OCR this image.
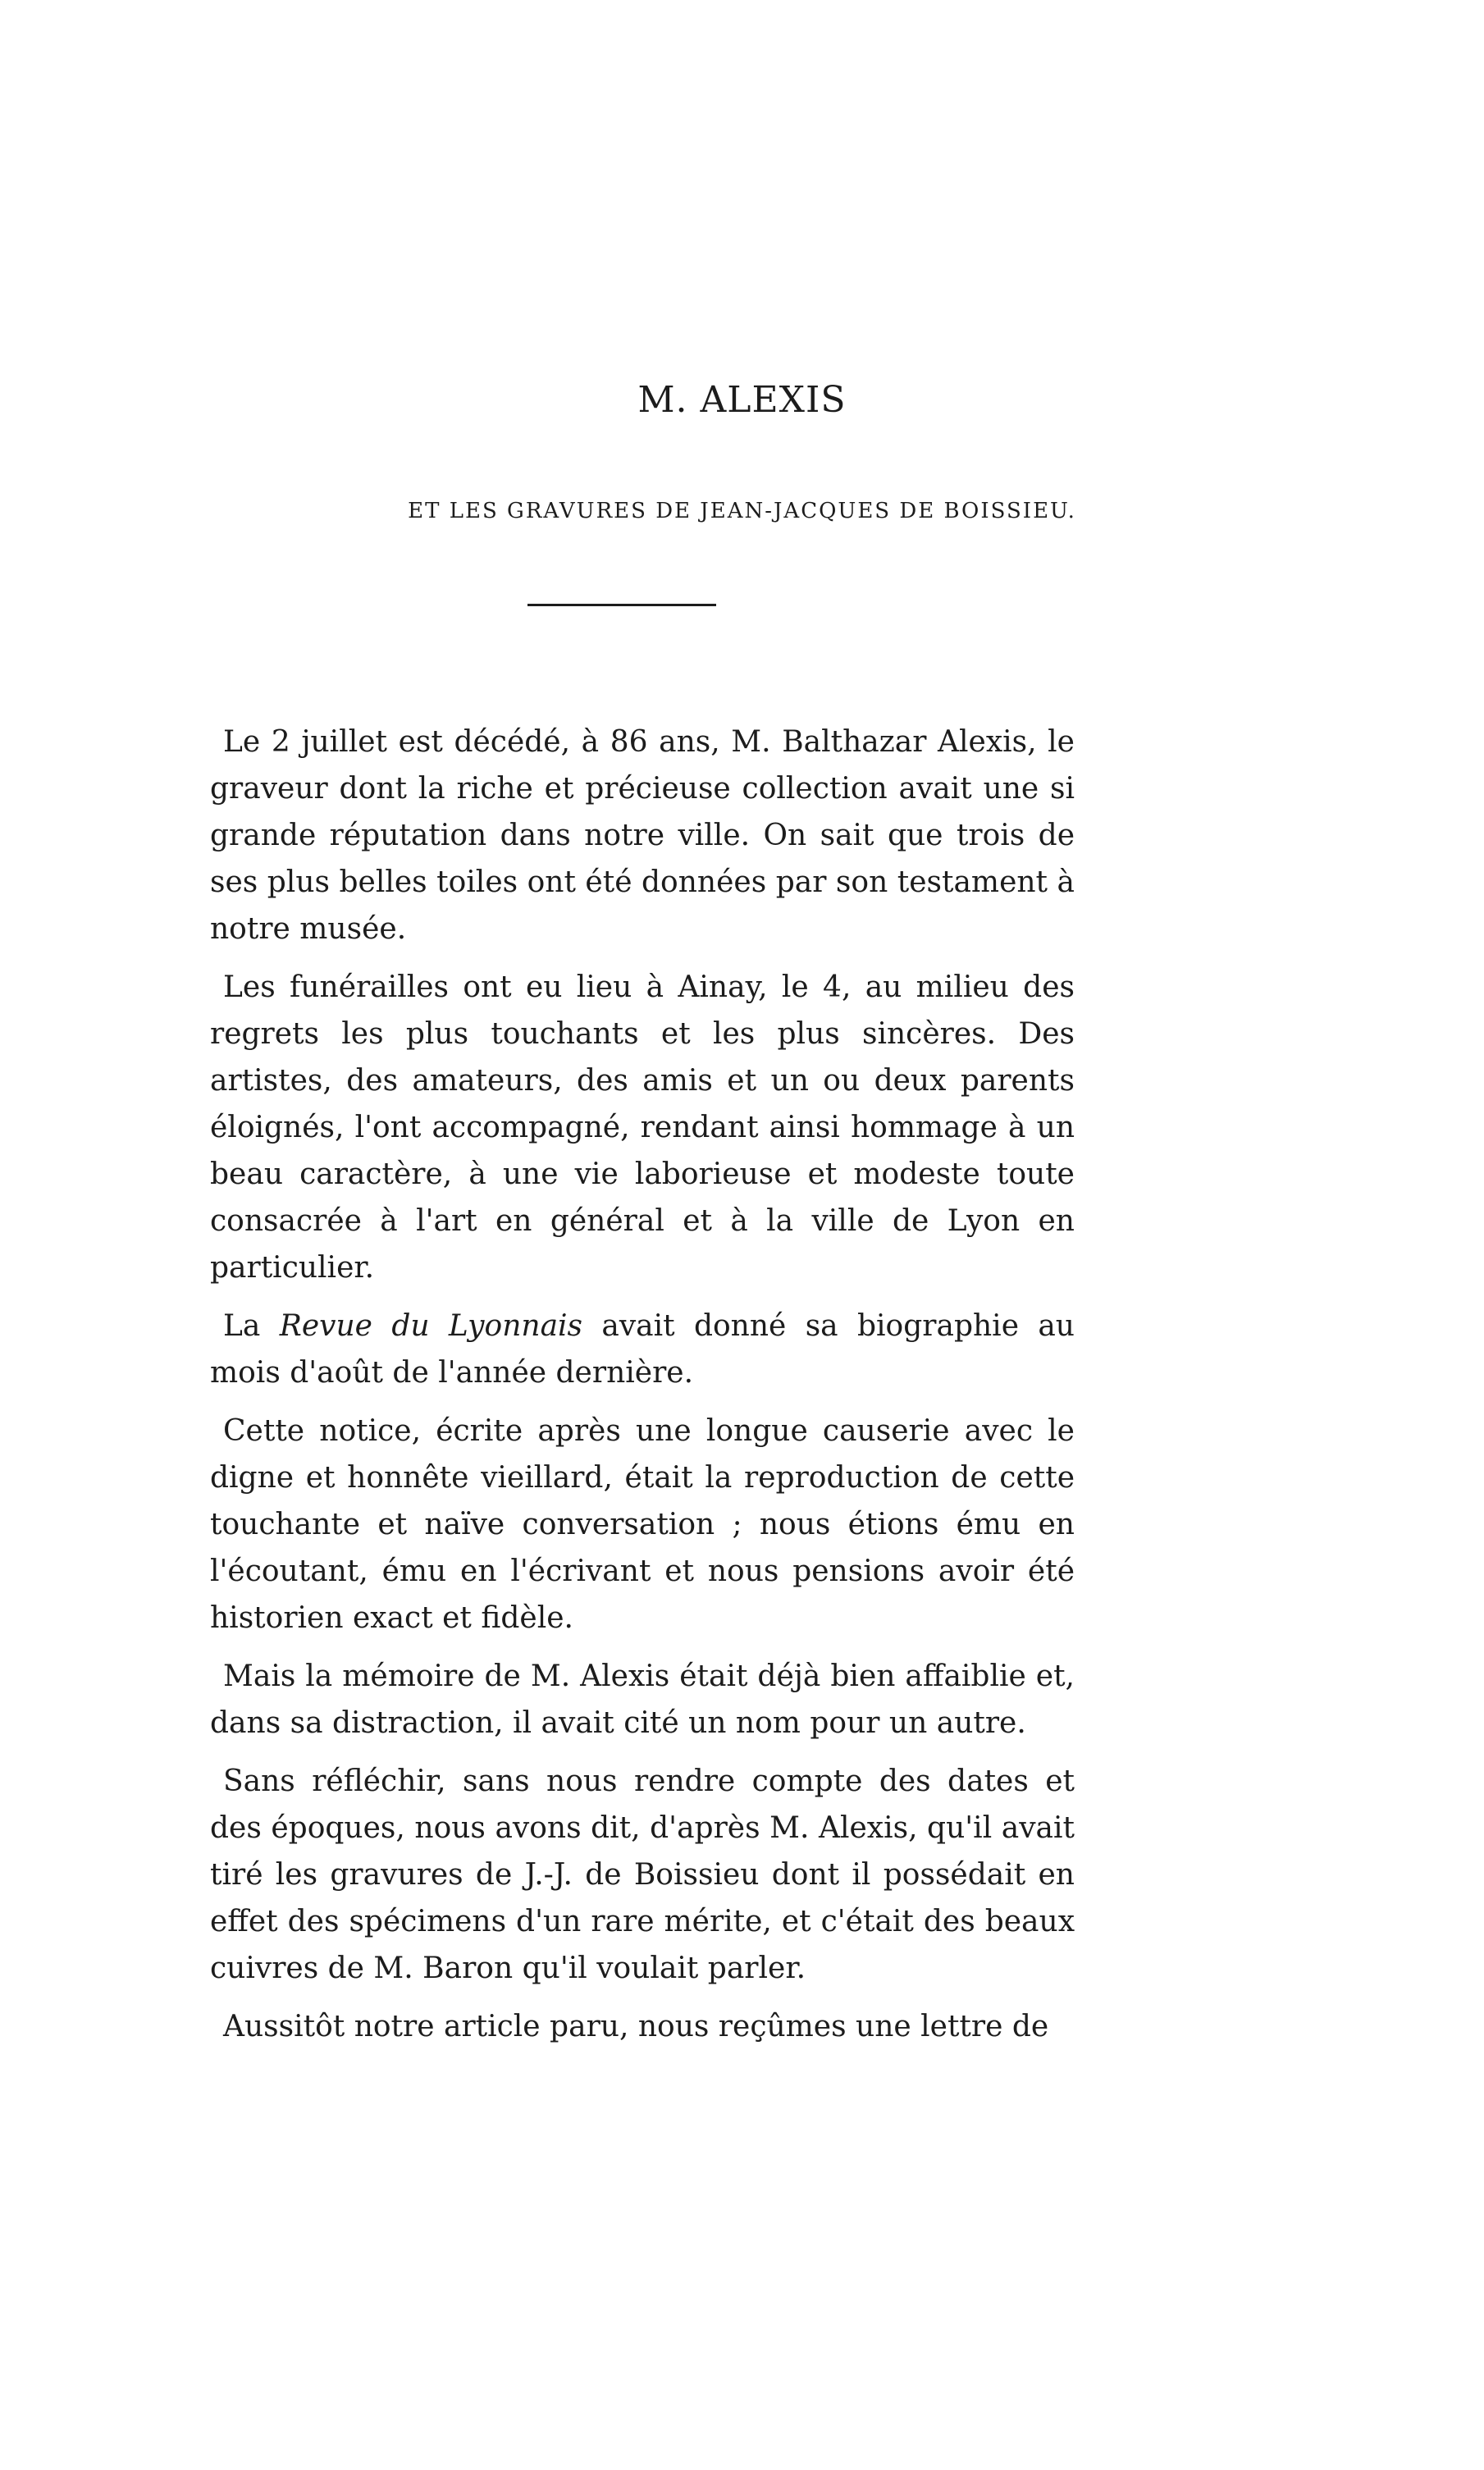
M. ALEXIS
ET LES GRAVURES DE JEAN-JACQUES DE BOISSIEU.

Le 2 juillet est décédé, à 86 ans, M. Balthazar Alexis, le graveur dont la riche et précieuse collection avait une si grande réputation dans notre ville. On sait que trois de ses plus belles toiles ont été données par son testament à notre musée.

Les funérailles ont eu lieu à Ainay, le 4, au milieu des regrets les plus touchants et les plus sincères. Des artistes, des amateurs, des amis et un ou deux parents éloignés, l'ont accompagné, rendant ainsi hommage à un beau caractère, à une vie laborieuse et modeste toute consacrée à l'art en général et à la ville de Lyon en particulier.

La Revue du Lyonnais avait donné sa biographie au mois d'août de l'année dernière.

Cette notice, écrite après une longue causerie avec le digne et honnête vieillard, était la reproduction de cette touchante et naïve conversation ; nous étions ému en l'écoutant, ému en l'écrivant et nous pensions avoir été historien exact et fidèle.

Mais la mémoire de M. Alexis était déjà bien affaiblie et, dans sa distraction, il avait cité un nom pour un autre.

Sans réfléchir, sans nous rendre compte des dates et des époques, nous avons dit, d'après M. Alexis, qu'il avait tiré les gravures de J.-J. de Boissieu dont il possédait en effet des spécimens d'un rare mérite, et c'était des beaux cuivres de M. Baron qu'il voulait parler.

Aussitôt notre article paru, nous reçûmes une lettre de
